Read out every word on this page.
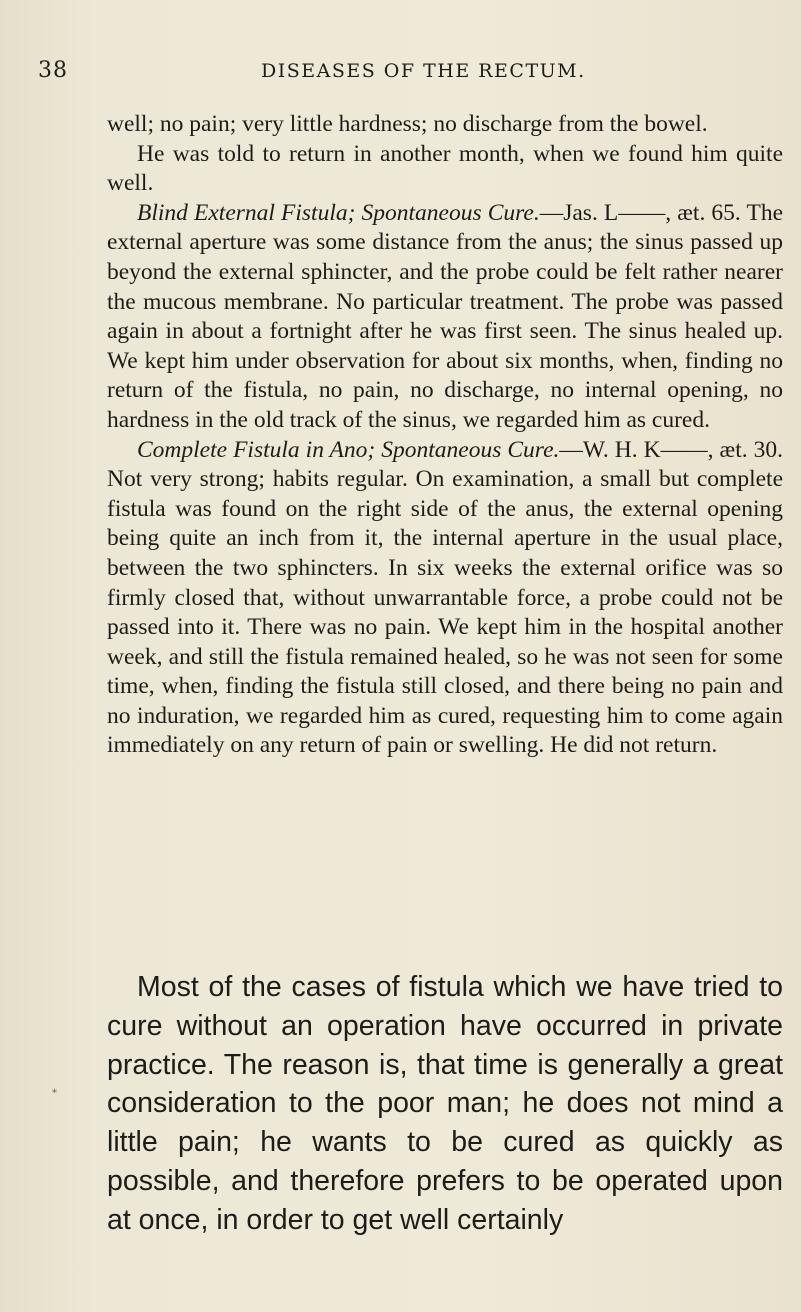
38	DISEASES OF THE RECTUM.

well; no pain; very little hardness; no discharge from the bowel.

He was told to return in another month, when we found him quite well.

Blind External Fistula; Spontaneous Cure.—Jas. L——, æt. 65. The external aperture was some distance from the anus; the sinus passed up beyond the external sphincter, and the probe could be felt rather nearer the mucous membrane. No particular treatment. The probe was passed again in about a fortnight after he was first seen. The sinus healed up. We kept him under observation for about six months, when, finding no return of the fistula, no pain, no discharge, no internal opening, no hardness in the old track of the sinus, we regarded him as cured.

Complete Fistula in Ano; Spontaneous Cure.—W. H. K——, æt. 30. Not very strong; habits regular. On examination, a small but complete fistula was found on the right side of the anus, the external opening being quite an inch from it, the internal aperture in the usual place, between the two sphincters. In six weeks the external orifice was so firmly closed that, without unwarrantable force, a probe could not be passed into it. There was no pain. We kept him in the hospital another week, and still the fistula remained healed, so he was not seen for some time, when, finding the fistula still closed, and there being no pain and no induration, we regarded him as cured, requesting him to come again immediately on any return of pain or swelling. He did not return.

Most of the cases of fistula which we have tried to cure without an operation have occurred in private practice. The reason is, that time is generally a great consideration to the poor man; he does not mind a little pain; he wants to be cured as quickly as possible, and therefore prefers to be operated upon at once, in order to get well certainly

*
